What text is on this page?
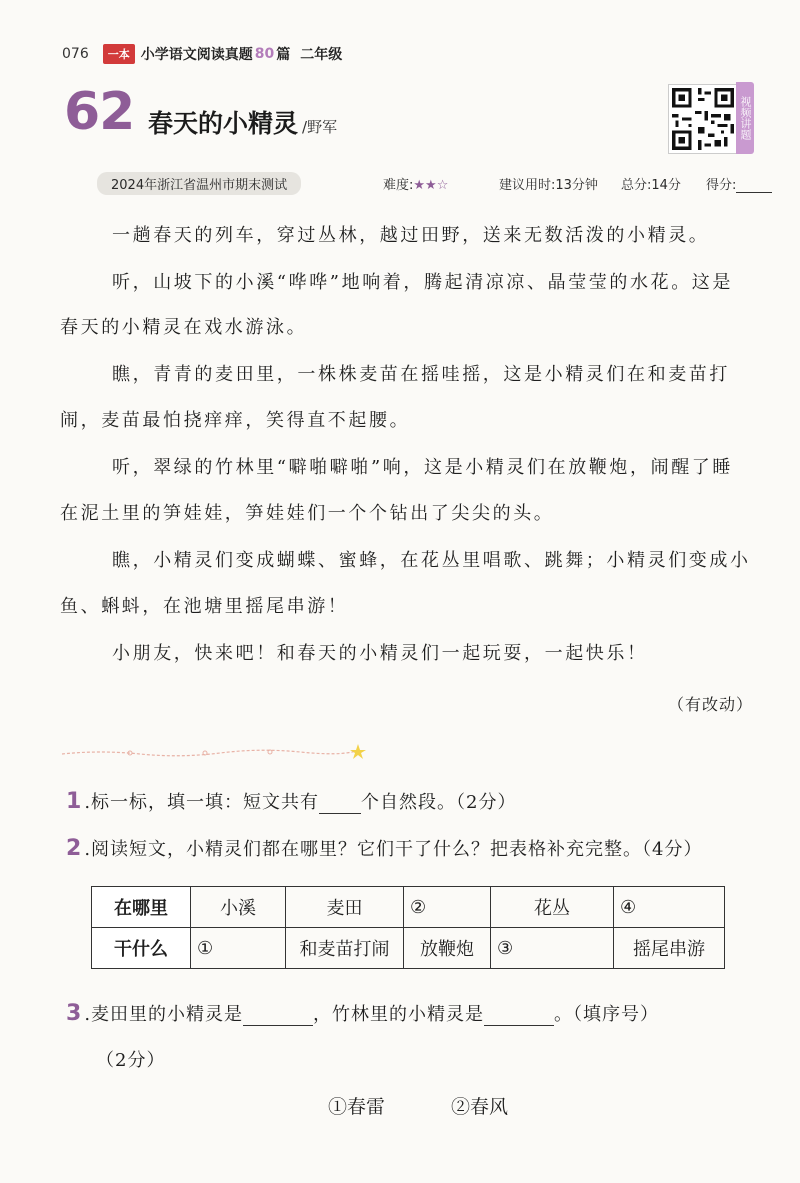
076	一本 小学语文阅读真题 80 篇 二年级
62 春天的小精灵 /野军	视频讲题
2024年浙江省温州市期末测试	难度:★★☆	建议用时:13分钟 总分:14分 得分:
一趟春天的列车，穿过丛林，越过田野，送来无数活泼的小精灵。
听，山坡下的小溪“哗哗”地响着，腾起清凉凉、晶莹莹的水花。这是
春天的小精灵在戏水游泳。
瞧，青青的麦田里，一株株麦苗在摇哇摇，这是小精灵们在和麦苗打
闹，麦苗最怕挠痒痒，笑得直不起腰。
听，翠绿的竹林里“噼啪噼啪”响，这是小精灵们在放鞭炮，闹醒了睡
在泥土里的笋娃娃，笋娃娃们一个个钻出了尖尖的头。
瞧，小精灵们变成蝴蝶、蜜蜂，在花丛里唱歌、跳舞；小精灵们变成小
鱼、蝌蚪，在池塘里摇尾串游！
小朋友，快来吧！和春天的小精灵们一起玩耍，一起快乐！
（有改动）
1 .标一标，填一填：短文共有 个自然段。（2分）
2 .阅读短文，小精灵们都在哪里？它们干了什么？把表格补充完整。（4分）
在哪里	小溪	麦田	②	花丛	④
干什么	①	和麦苗打闹	放鞭炮	③	摇尾串游
3 .麦田里的小精灵是	，竹林里的小精灵是	。（填序号）
（2分）
①春雷	②春风
